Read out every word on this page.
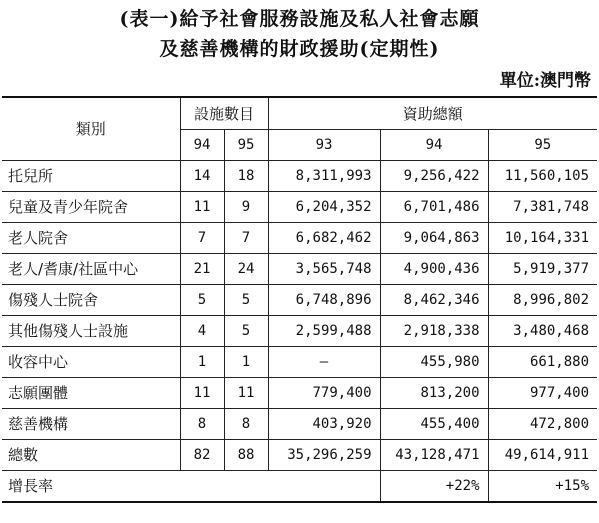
(表一)給予社會服務設施及私人社會志願
及慈善機構的財政援助(定期性)
單位:澳門幣
類別	設施數目		資助總額		
	94	95	93	94	95
托兒所	14	18	8,311,993	9,256,422	11,560,105
兒童及青少年院舍	11	9	6,204,352	6,701,486	7,381,748
老人院舍	7	7	6,682,462	9,064,863	10,164,331
老人/耆康/社區中心	21	24	3,565,748	4,900,436	5,919,377
傷殘人士院舍	5	5	6,748,896	8,462,346	8,996,802
其他傷殘人士設施	4	5	2,599,488	2,918,338	3,480,468
收容中心	1	1	—	455,980	661,880
志願團體	11	11	779,400	813,200	977,400
慈善機構	8	8	403,920	455,400	472,800
總數	82	88	35,296,259	43,128,471	49,614,911
增長率				+22%	+15%
